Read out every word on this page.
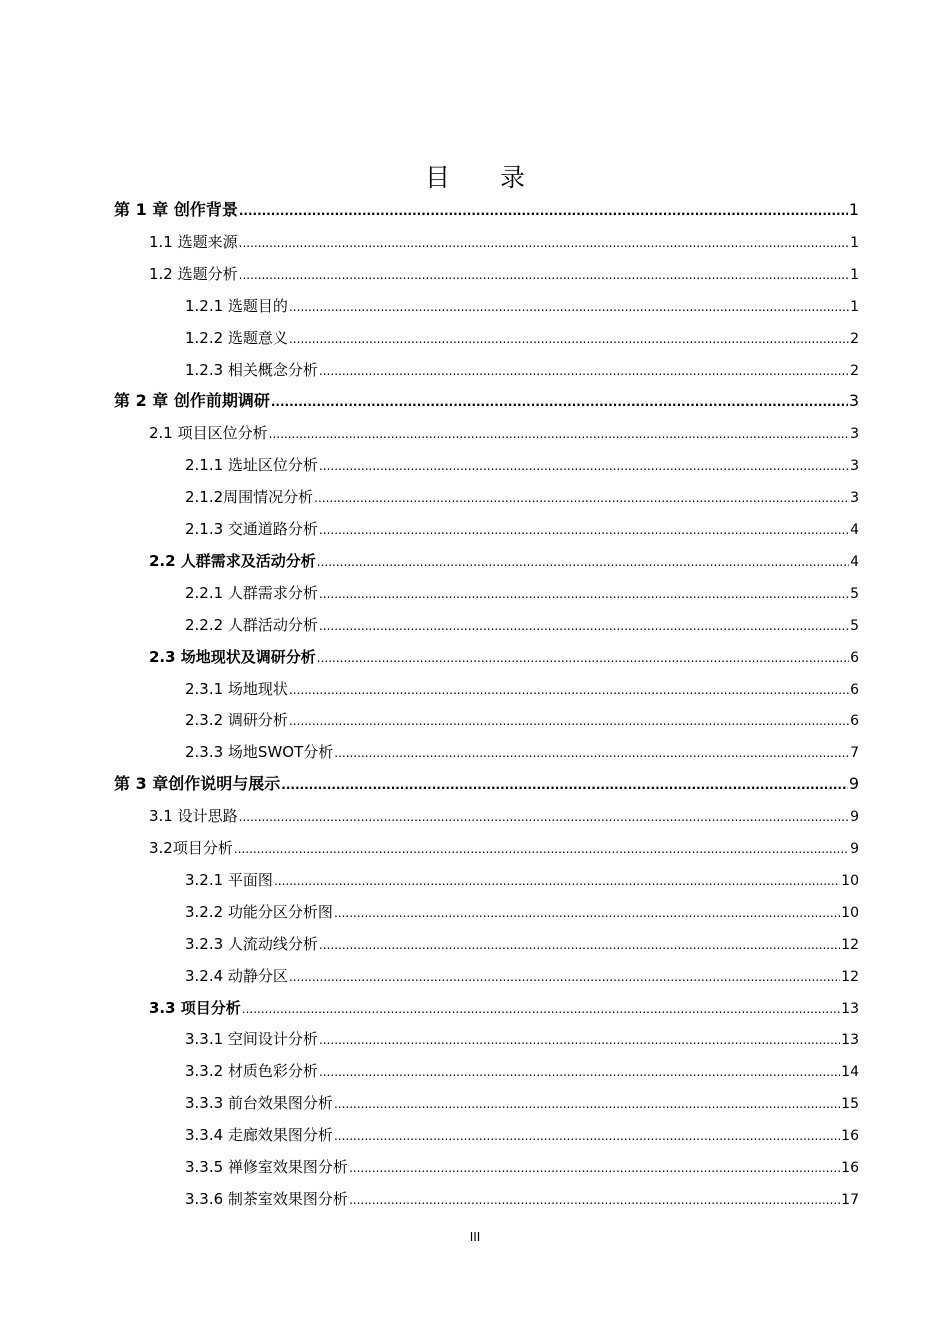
目 录
第 1 章 创作背景 .....	1
1.1 选题来源 .....	1
1.2 选题分析 .....	1
1.2.1 选题目的 .....	1
1.2.2 选题意义 .....	2
1.2.3 相关概念分析 .....	2
第 2 章 创作前期调研 .....	3
2.1 项目区位分析 .....	3
2.1.1 选址区位分析 .....	3
2.1.2周围情况分析 .....	3
2.1.3 交通道路分析 .....	4
2.2 人群需求及活动分析 .....	4
2.2.1 人群需求分析 .....	5
2.2.2 人群活动分析 .....	5
2.3 场地现状及调研分析 .....	6
2.3.1 场地现状 .....	6
2.3.2 调研分析 .....	6
2.3.3 场地SWOT分析 .....	7
第 3 章创作说明与展示 .....	9
3.1 设计思路 .....	9
3.2项目分析 .....	9
3.2.1 平面图 .....	10
3.2.2 功能分区分析图 .....	10
3.2.3 人流动线分析 .....	12
3.2.4 动静分区 .....	12
3.3 项目分析 .....	13
3.3.1 空间设计分析 .....	13
3.3.2 材质色彩分析 .....	14
3.3.3 前台效果图分析 .....	15
3.3.4 走廊效果图分析 .....	16
3.3.5 禅修室效果图分析 .....	16
3.3.6 制茶室效果图分析 .....	17
III
